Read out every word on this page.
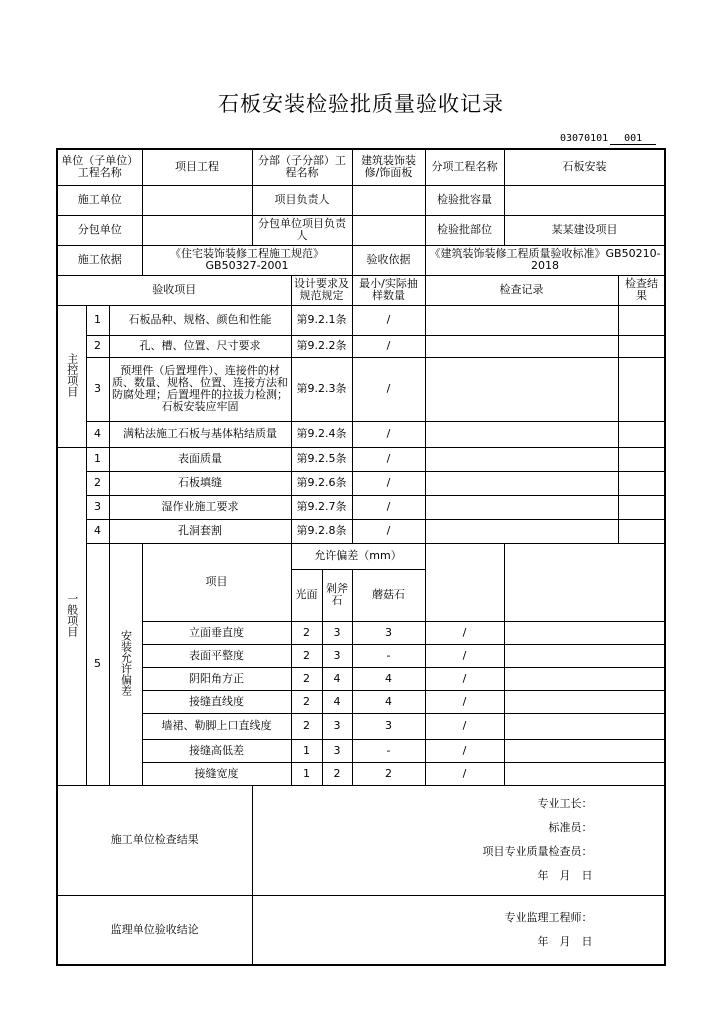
石板安装检验批质量验收记录
03070101 001
单位（子单位）工程名称			项目工程	分部（子分部）工程名称			建筑装饰装修/饰面板	分项工程名称	石板安装		
施工单位				项目负责人				检验批容量			
分包单位				分包单位项目负责人				检验批部位	某某建设项目		
施工依据			《住宅装饰装修工程施工规范》GB50327-2001				验收依据	《建筑装饰装修工程质量验收标准》GB50210-2018			
验收项目					设计要求及规范规定		最小/实际抽样数量	检查记录		检查结果	
主控项目	1	石板品种、规格、颜色和性能			第9.2.1条		/				
	2	孔、槽、位置、尺寸要求			第9.2.2条		/				
	3	预埋件（后置埋件）、连接件的材质、数量、规格、位置、连接方法和防腐处理；后置埋件的拉拔力检测；石板安装应牢固			第9.2.3条		/				
	4	满粘法施工石板与基体粘结质量			第9.2.4条		/				
一般项目	1	表面质量			第9.2.5条		/				
	2	石板填缝			第9.2.6条		/				
	3	湿作业施工要求			第9.2.7条		/				
	4	孔洞套割			第9.2.8条		/				
	5	安装允许偏差	项目		允许偏差（mm）						
					光面	剁斧石	蘑菇石				

			立面垂直度		2	3	3	/			
			表面平整度		2	3	-	/			
			阴阳角方正		2	4	4	/			
			接缝直线度		2	4	4	/			
			墙裙、勒脚上口直线度		2	3	3	/			
			接缝高低差		1	3	-	/			
			接缝宽度		1	2	2	/			
施工单位检查结果				专业工长：
标准员：
项目专业质量检查员：
年　月　日							

监理单位验收结论				专业监理工程师：
年　月　日							
